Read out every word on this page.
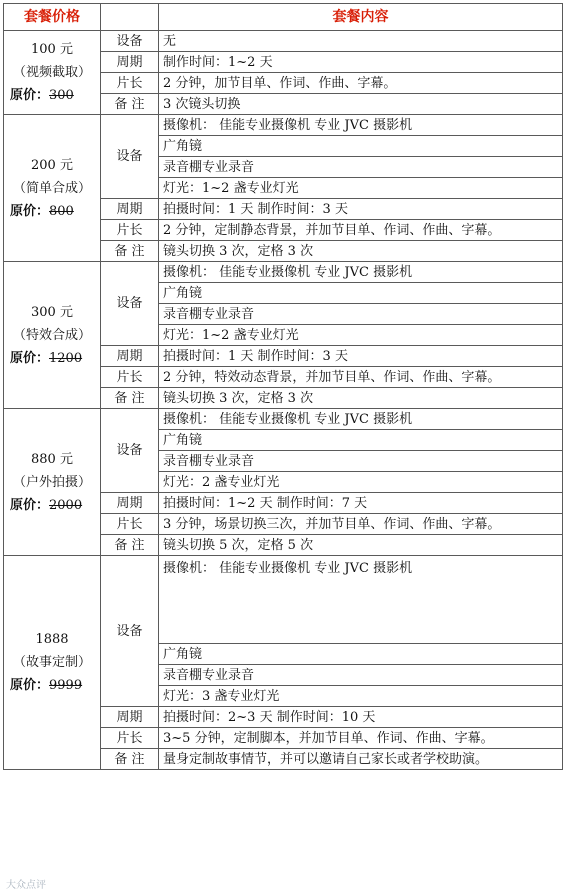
套餐价格		套餐内容

100 元
（视频截取）
原价：300	设备	无
	周期	制作时间：1~2 天
	片长	2 分钟，加节目单、作词、作曲、字幕。
	备 注	3 次镜头切换

200 元
（简单合成）
原价：800	设备	摄像机： 佳能专业摄像机 专业 JVC 摄影机
		广角镜
		录音棚专业录音
		灯光：1~2 盏专业灯光
	周期	拍摄时间：1 天 制作时间：3 天
	片长	2 分钟，定制静态背景，并加节目单、作词、作曲、字幕。
	备 注	镜头切换 3 次，定格 3 次

300 元
（特效合成）
原价：1200	设备	摄像机： 佳能专业摄像机 专业 JVC 摄影机
		广角镜
		录音棚专业录音
		灯光：1~2 盏专业灯光
	周期	拍摄时间：1 天 制作时间：3 天
	片长	2 分钟，特效动态背景，并加节目单、作词、作曲、字幕。
	备 注	镜头切换 3 次，定格 3 次

880 元
（户外拍摄）
原价：2000	设备	摄像机： 佳能专业摄像机 专业 JVC 摄影机
		广角镜
		录音棚专业录音
		灯光：2 盏专业灯光
	周期	拍摄时间：1~2 天 制作时间：7 天
	片长	3 分钟，场景切换三次，并加节目单、作词、作曲、字幕。
	备 注	镜头切换 5 次，定格 5 次

1888
（故事定制）
原价：9999	设备	摄像机： 佳能专业摄像机 专业 JVC 摄影机
		广角镜
		录音棚专业录音
		灯光：3 盏专业灯光
	周期	拍摄时间：2~3 天 制作时间：10 天
	片长	3~5 分钟，定制脚本，并加节目单、作词、作曲、字幕。
	备 注	量身定制故事情节，并可以邀请自己家长或者学校助演。
大众点评
